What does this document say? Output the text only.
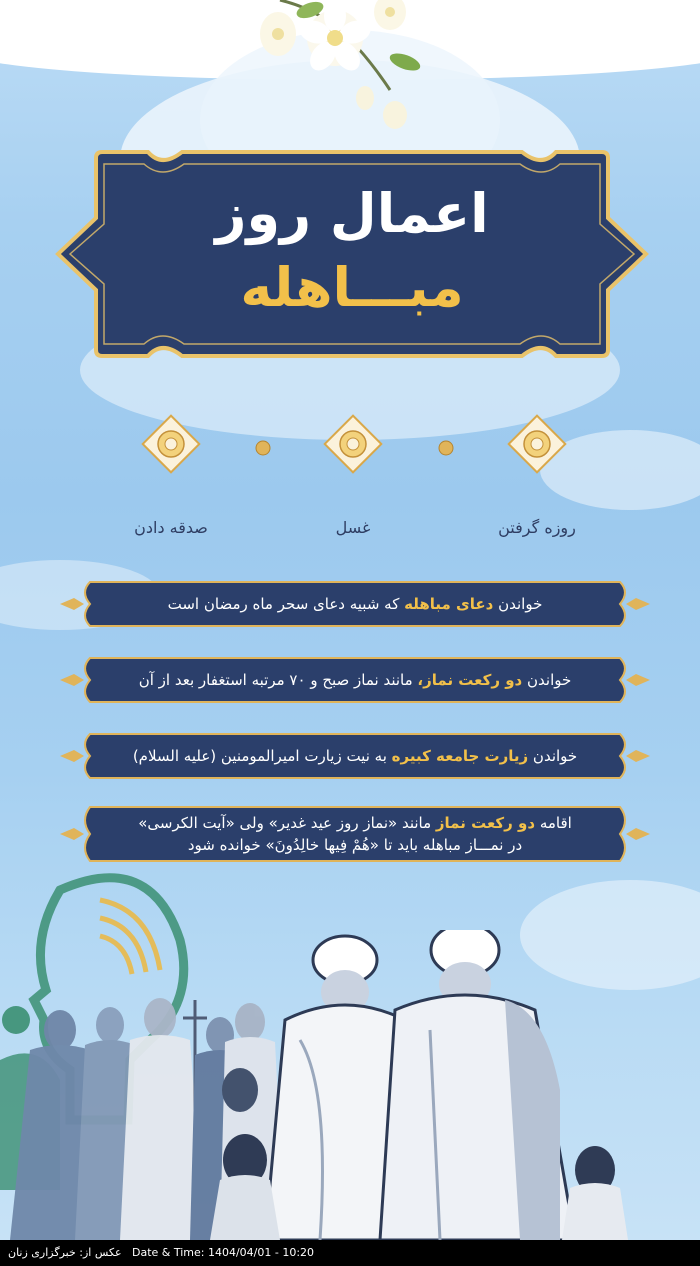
اعمال روز
مبـــاهله
روزه گرفتن
غسل
صدقه دادن
خواندن دعای مباهله که شبیه دعای سحر ماه رمضان است
خواندن دو رکعت نماز، مانند نماز صبح و ۷۰ مرتبه استغفار بعد از آن
خواندن زیارت جامعه کبیره به نیت زیارت امیرالمومنین (علیه السلام)
اقامه دو رکعت نماز مانند «نماز روز عید غدیر» ولی «آیت الکرسی»
در نمـــاز مباهله باید تا «هُمْ فِیها خالِدُونَ» خوانده شود
عکس از: خبرگزاری زنان Date & Time: 1404/04/01 - 10:20
